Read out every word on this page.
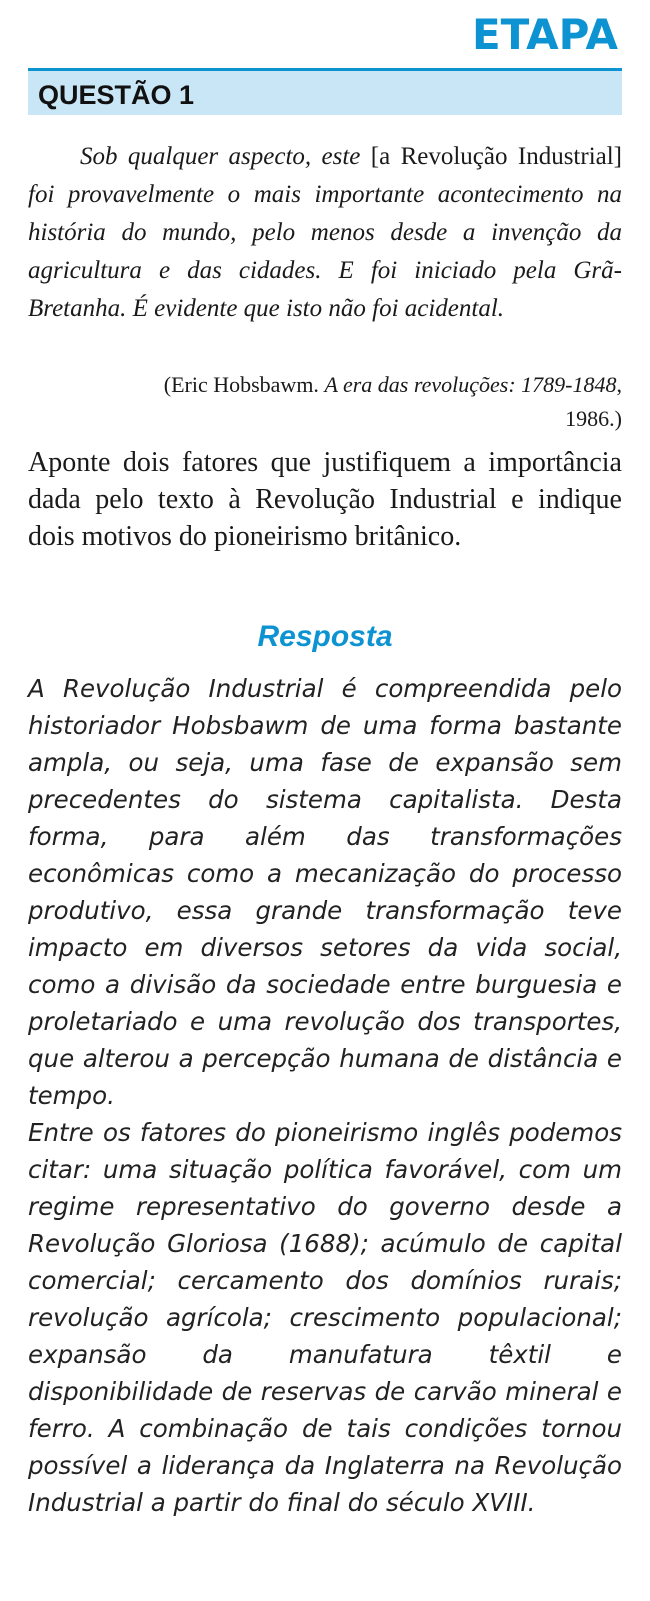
ETAPA
QUESTÃO 1

Sob qualquer aspecto, este [a Revolução Industrial] foi provavelmente o mais importante acontecimento na história do mundo, pelo menos desde a invenção da agricultura e das cidades. E foi iniciado pela Grã-Bretanha. É evidente que isto não foi acidental.

(Eric Hobsbawm. A era das revoluções: 1789-1848, 1986.)

Aponte dois fatores que justifiquem a importância dada pelo texto à Revolução Industrial e indique dois motivos do pioneirismo britânico.

Resposta

A Revolução Industrial é compreendida pelo historiador Hobsbawm de uma forma bastante ampla, ou seja, uma fase de expansão sem precedentes do sistema capitalista. Desta forma, para além das transformações econômicas como a mecanização do processo produtivo, essa grande transformação teve impacto em diversos setores da vida social, como a divisão da sociedade entre burguesia e proletariado e uma revolução dos transportes, que alterou a percepção humana de distância e tempo.

Entre os fatores do pioneirismo inglês podemos citar: uma situação política favorável, com um regime representativo do governo desde a Revolução Gloriosa (1688); acúmulo de capital comercial; cercamento dos domínios rurais; revolução agrícola; crescimento populacional; expansão da manufatura têxtil e disponibilidade de reservas de carvão mineral e ferro. A combinação de tais condições tornou possível a liderança da Inglaterra na Revolução Industrial a partir do final do século XVIII.
